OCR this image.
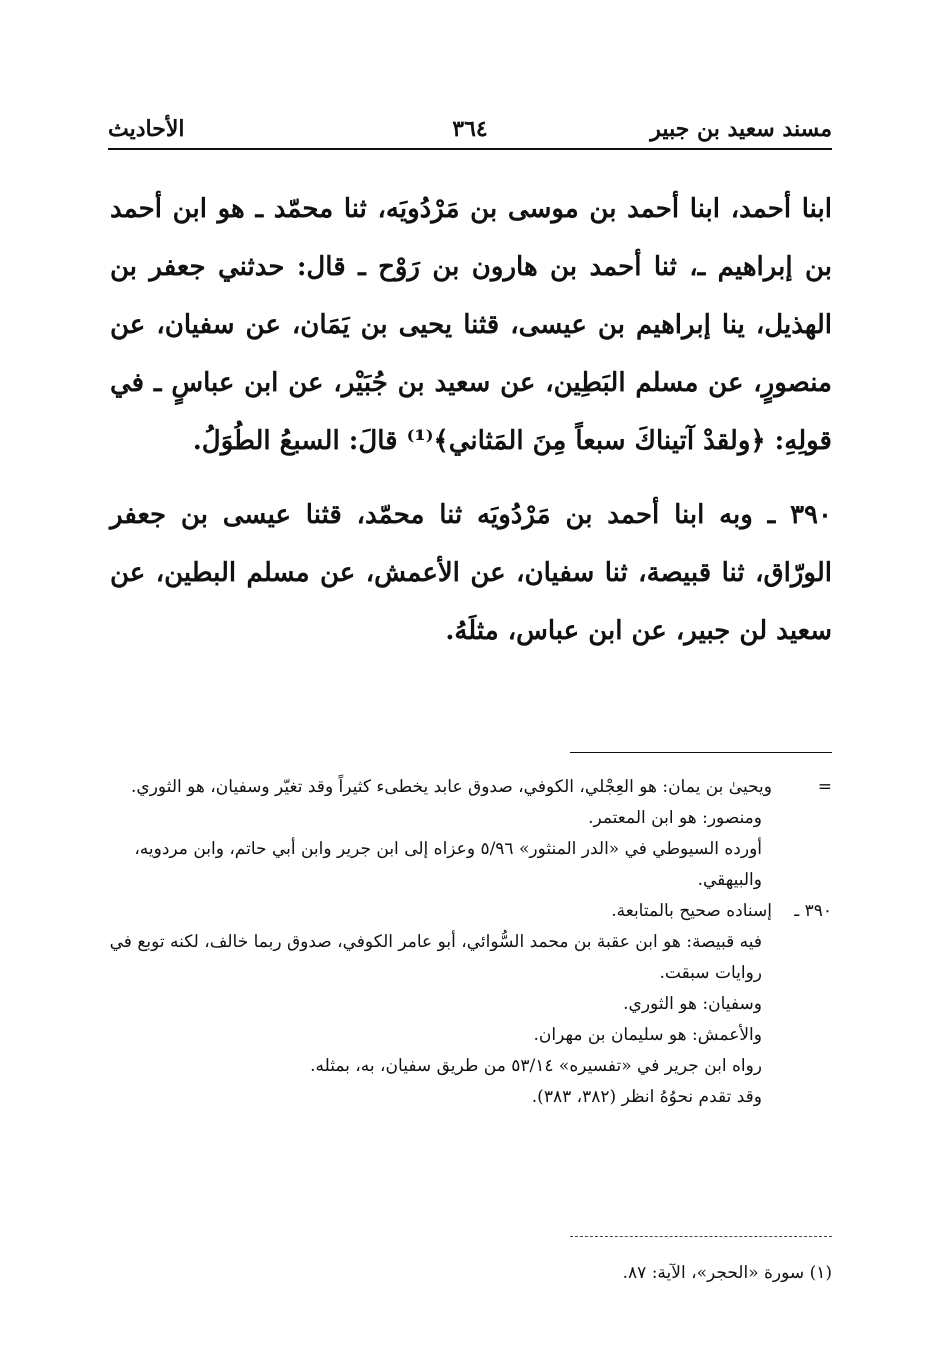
مسند سعيد بن جبير
٣٦٤
الأحاديث

ابنا أحمد، ابنا أحمد بن موسى بن مَرْدُويَه، ثنا محمّد ـ هو ابن أحمد بن إبراهيم ـ، ثنا أحمد بن هارون بن رَوْح ـ قال: حدثني جعفر بن الهذيل، ينا إبراهيم بن عيسى، قثنا يحيى بن يَمَان، عن سفيان، عن منصورٍ، عن مسلم البَطِين، عن سعيد بن جُبَيْر، عن ابن عباسٍ ـ في قولِهِ: ﴿ولقدْ آتيناكَ سبعاً مِنَ المَثاني﴾⁽¹⁾ قالَ: السبعُ الطُوَلُ.

٣٩٠ ـ وبه ابنا أحمد بن مَرْدُويَه ثنا محمّد، قثنا عيسى بن جعفر الورّاق، ثنا قبيصة، ثنا سفيان، عن الأعمش، عن مسلم البطين، عن سعيد لن جبير، عن ابن عباس، مثلَهُ.

=ويحيىٰ بن يمان: هو العِجْلي، الكوفي، صدوق عابد يخطىء كثيراً وقد تغيّر وسفيان، هو الثوري.

ومنصور: هو ابن المعتمر.

أورده السيوطي في «الدر المنثور» ٥/٩٦ وعزاه إلى ابن جرير وابن أبي حاتم، وابن مردويه، والبيهقي.

٣٩٠ ـإسناده صحيح بالمتابعة.

فيه قبيصة: هو ابن عقبة بن محمد السُّوائي، أبو عامر الكوفي، صدوق ربما خالف، لكنه توبع في روايات سبقت.

وسفيان: هو الثوري.

والأعمش: هو سليمان بن مهران.

رواه ابن جرير في «تفسيره» ٥٣/١٤ من طريق سفيان، به، بمثله.

وقد تقدم نحوُهُ انظر (٣٨٢، ٣٨٣).

(١) سورة «الحجر»، الآية: ٨٧.
